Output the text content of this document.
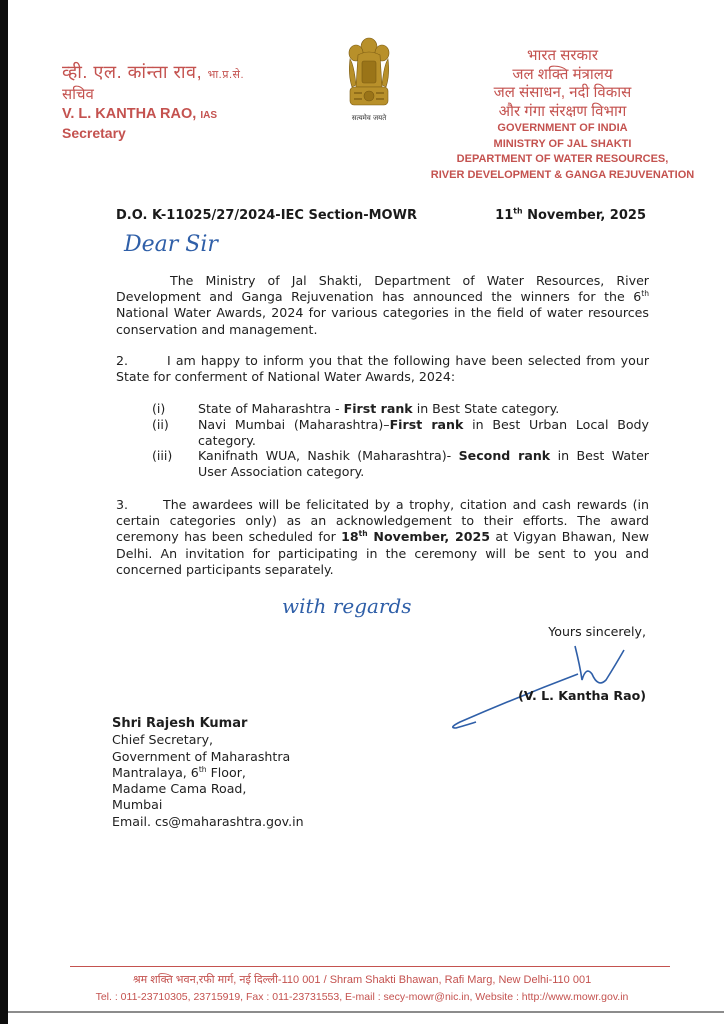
व्ही. एल. कांन्ता राव, भा.प्र.से.
सचिव
V. L. KANTHA RAO, IAS
Secretary
सत्यमेव जयते
भारत सरकार
जल शक्ति मंत्रालय
जल संसाधन, नदी विकास
और गंगा संरक्षण विभाग
GOVERNMENT OF INDIA
MINISTRY OF JAL SHAKTI
DEPARTMENT OF WATER RESOURCES,
RIVER DEVELOPMENT & GANGA REJUVENATION
D.O. K-11025/27/2024-IEC Section-MOWR	11th November, 2025
Dear Sir
The Ministry of Jal Shakti, Department of Water Resources, River Development and Ganga Rejuvenation has announced the winners for the 6th National Water Awards, 2024 for various categories in the field of water resources conservation and management.
2.	I am happy to inform you that the following have been selected from your State for conferment of National Water Awards, 2024:
(i)	State of Maharashtra - First rank in Best State category.
(ii)	Navi Mumbai (Maharashtra)–First rank in Best Urban Local Body category.
(iii)	Kanifnath WUA, Nashik (Maharashtra)- Second rank in Best Water User Association category.
3.	The awardees will be felicitated by a trophy, citation and cash rewards (in certain categories only) as an acknowledgement to their efforts. The award ceremony has been scheduled for 18th November, 2025 at Vigyan Bhawan, New Delhi. An invitation for participating in the ceremony will be sent to you and concerned participants separately.
with regards
Yours sincerely,
(V. L. Kantha Rao)
Shri Rajesh Kumar
Chief Secretary,
Government of Maharashtra
Mantralaya, 6th Floor,
Madame Cama Road,
Mumbai
Email. cs@maharashtra.gov.in
श्रम शक्ति भवन,रफी मार्ग, नई दिल्ली-110 001 / Shram Shakti Bhawan, Rafi Marg, New Delhi-110 001
Tel. : 011-23710305, 23715919, Fax : 011-23731553, E-mail : secy-mowr@nic.in, Website : http://www.mowr.gov.in
